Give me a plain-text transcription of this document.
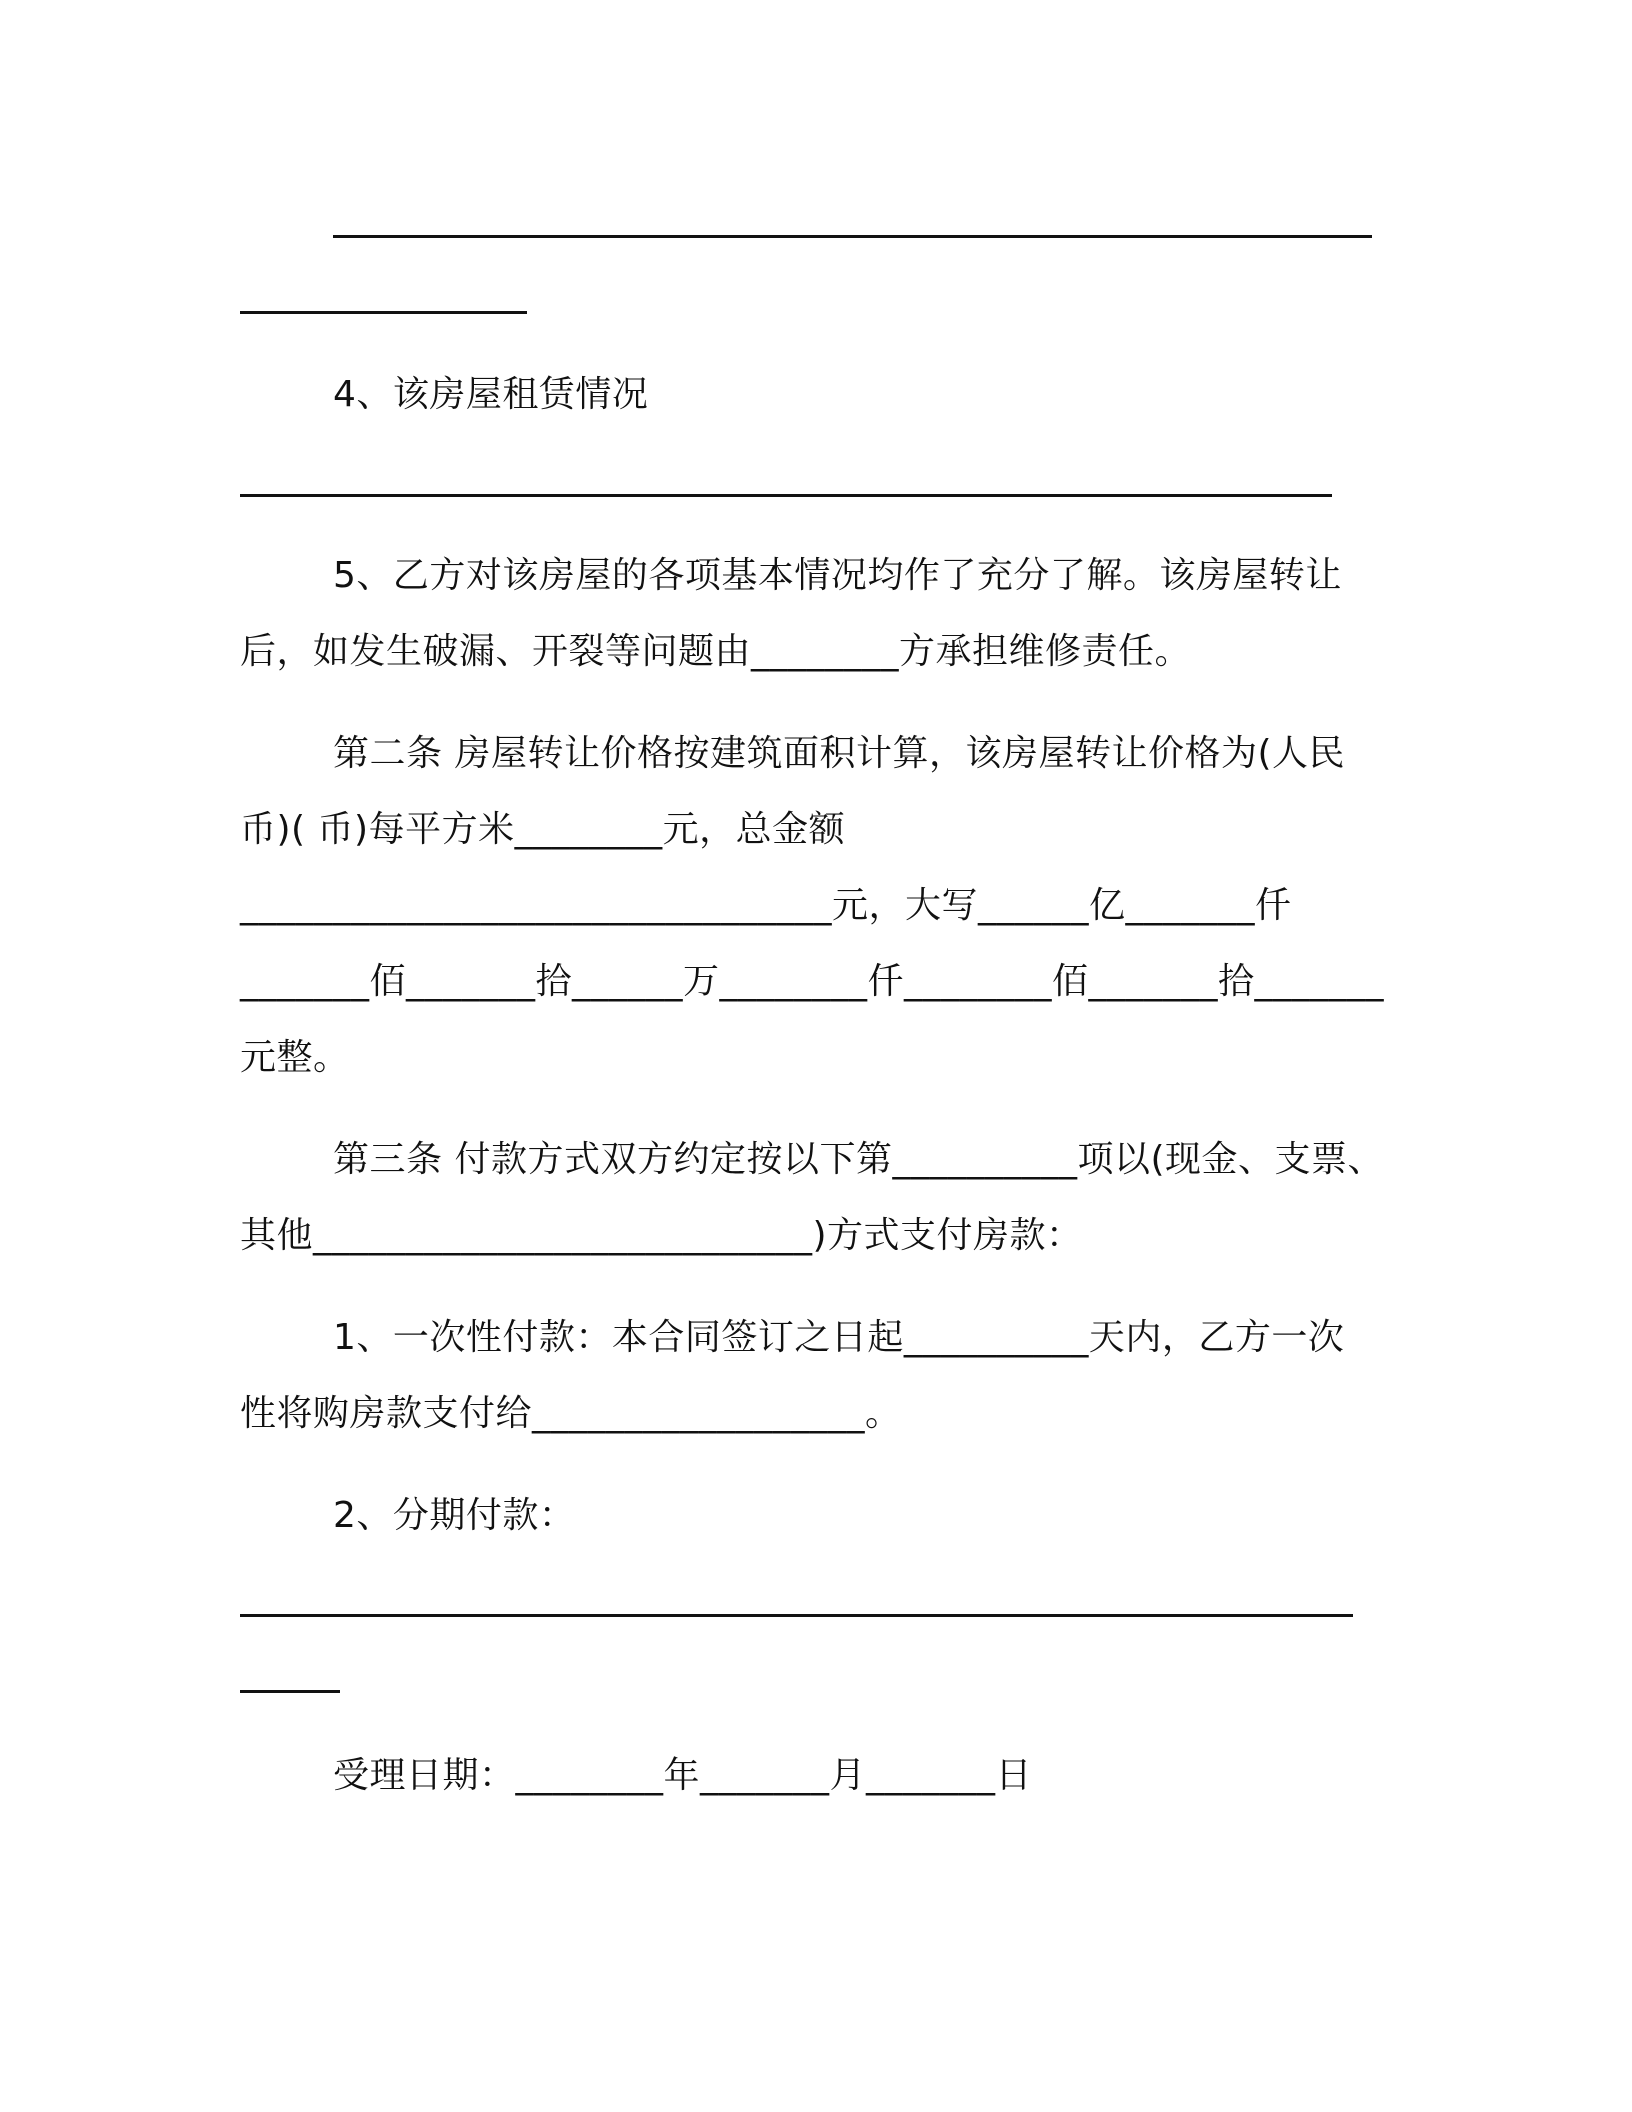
4、该房屋租赁情况
5、乙方对该房屋的各项基本情况均作了充分了解。该房屋转让
后，如发生破漏、开裂等问题由________方承担维修责任。
第二条 房屋转让价格按建筑面积计算，该房屋转让价格为(人民
币)( 币)每平方米________元，总金额
________________________________元，大写______亿_______仟
_______佰_______拾______万________仟________佰_______拾_______
元整。
第三条 付款方式双方约定按以下第__________项以(现金、支票、
其他___________________________)方式支付房款：
1、一次性付款：本合同签订之日起__________天内，乙方一次
性将购房款支付给__________________。
2、分期付款：
受理日期：________年_______月_______日
